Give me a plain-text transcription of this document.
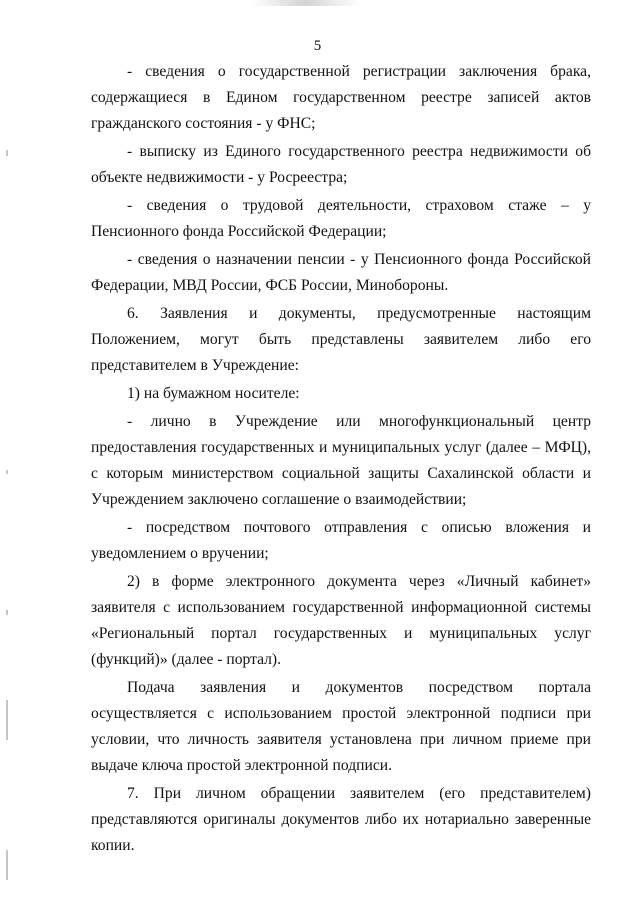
5

- сведения о государственной регистрации заключения брака, содержащиеся в Едином государственном реестре записей актов гражданского состояния - у ФНС;

- выписку из Единого государственного реестра недвижимости об объекте недвижимости - у Росреестра;

- сведения о трудовой деятельности, страховом стаже – у Пенсионного фонда Российской Федерации;

- сведения о назначении пенсии - у Пенсионного фонда Российской Федерации, МВД России, ФСБ России, Минобороны.

6. Заявления и документы, предусмотренные настоящим Положением, могут быть представлены заявителем либо его представителем в Учреждение:

1) на бумажном носителе:

- лично в Учреждение или многофункциональный центр предоставления государственных и муниципальных услуг (далее – МФЦ), с которым министерством социальной защиты Сахалинской области и Учреждением заключено соглашение о взаимодействии;

- посредством почтового отправления с описью вложения и уведомлением о вручении;

2) в форме электронного документа через «Личный кабинет» заявителя с использованием государственной информационной системы «Региональный портал государственных и муниципальных услуг (функций)» (далее - портал).

Подача заявления и документов посредством портала осуществляется с использованием простой электронной подписи при условии, что личность заявителя установлена при личном приеме при выдаче ключа простой электронной подписи.

7. При личном обращении заявителем (его представителем) представляются оригиналы документов либо их нотариально заверенные копии.
